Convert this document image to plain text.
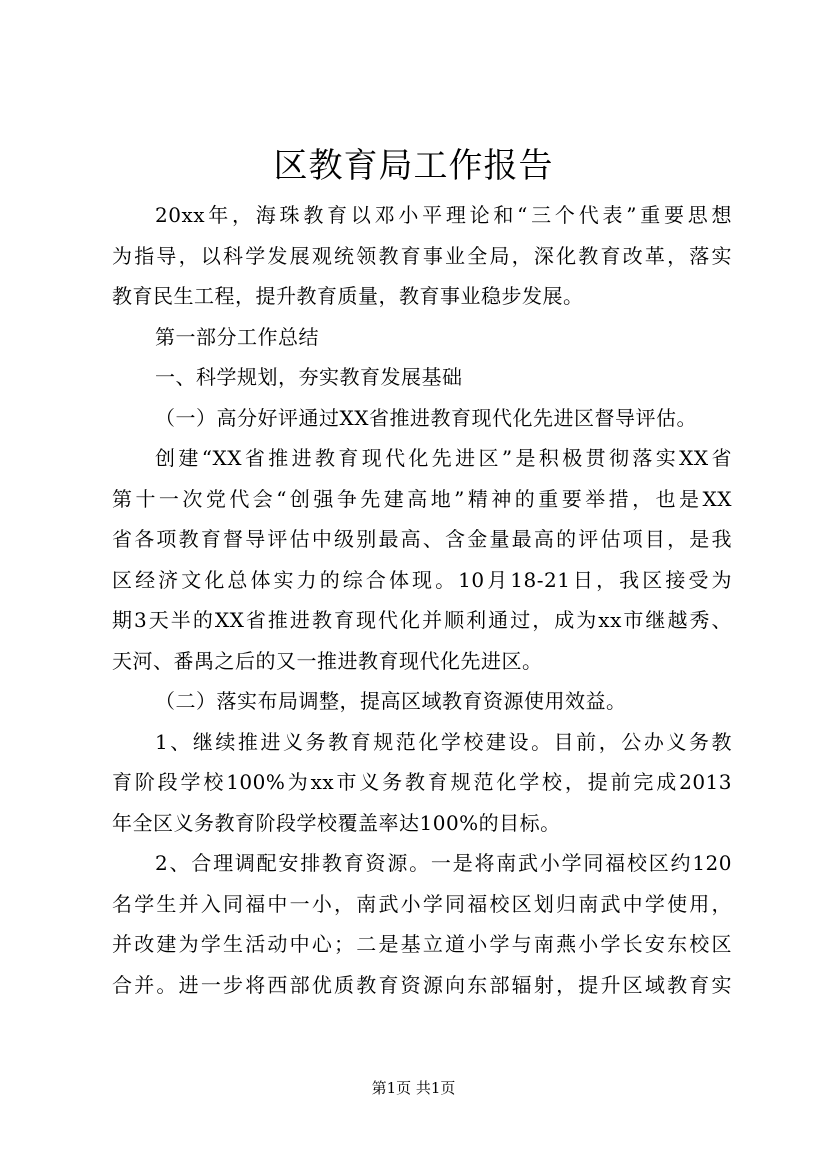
区教育局工作报告
20xx年，海珠教育以邓小平理论和“三个代表”重要思想
为指导，以科学发展观统领教育事业全局，深化教育改革，落实
教育民生工程，提升教育质量，教育事业稳步发展。
第一部分工作总结
一、科学规划，夯实教育发展基础
（一）高分好评通过XX省推进教育现代化先进区督导评估。
创建“XX省推进教育现代化先进区”是积极贯彻落实XX省
第十一次党代会“创强争先建高地”精神的重要举措，也是XX
省各项教育督导评估中级别最高、含金量最高的评估项目，是我
区经济文化总体实力的综合体现。10月18-21日，我区接受为
期3天半的XX省推进教育现代化并顺利通过，成为xx市继越秀、
天河、番禺之后的又一推进教育现代化先进区。
（二）落实布局调整，提高区域教育资源使用效益。
1、继续推进义务教育规范化学校建设。目前，公办义务教
育阶段学校100%为xx市义务教育规范化学校，提前完成2013
年全区义务教育阶段学校覆盖率达100%的目标。
2、合理调配安排教育资源。一是将南武小学同福校区约120
名学生并入同福中一小，南武小学同福校区划归南武中学使用，
并改建为学生活动中心；二是基立道小学与南燕小学长安东校区
合并。进一步将西部优质教育资源向东部辐射，提升区域教育实
第1页 共1页
